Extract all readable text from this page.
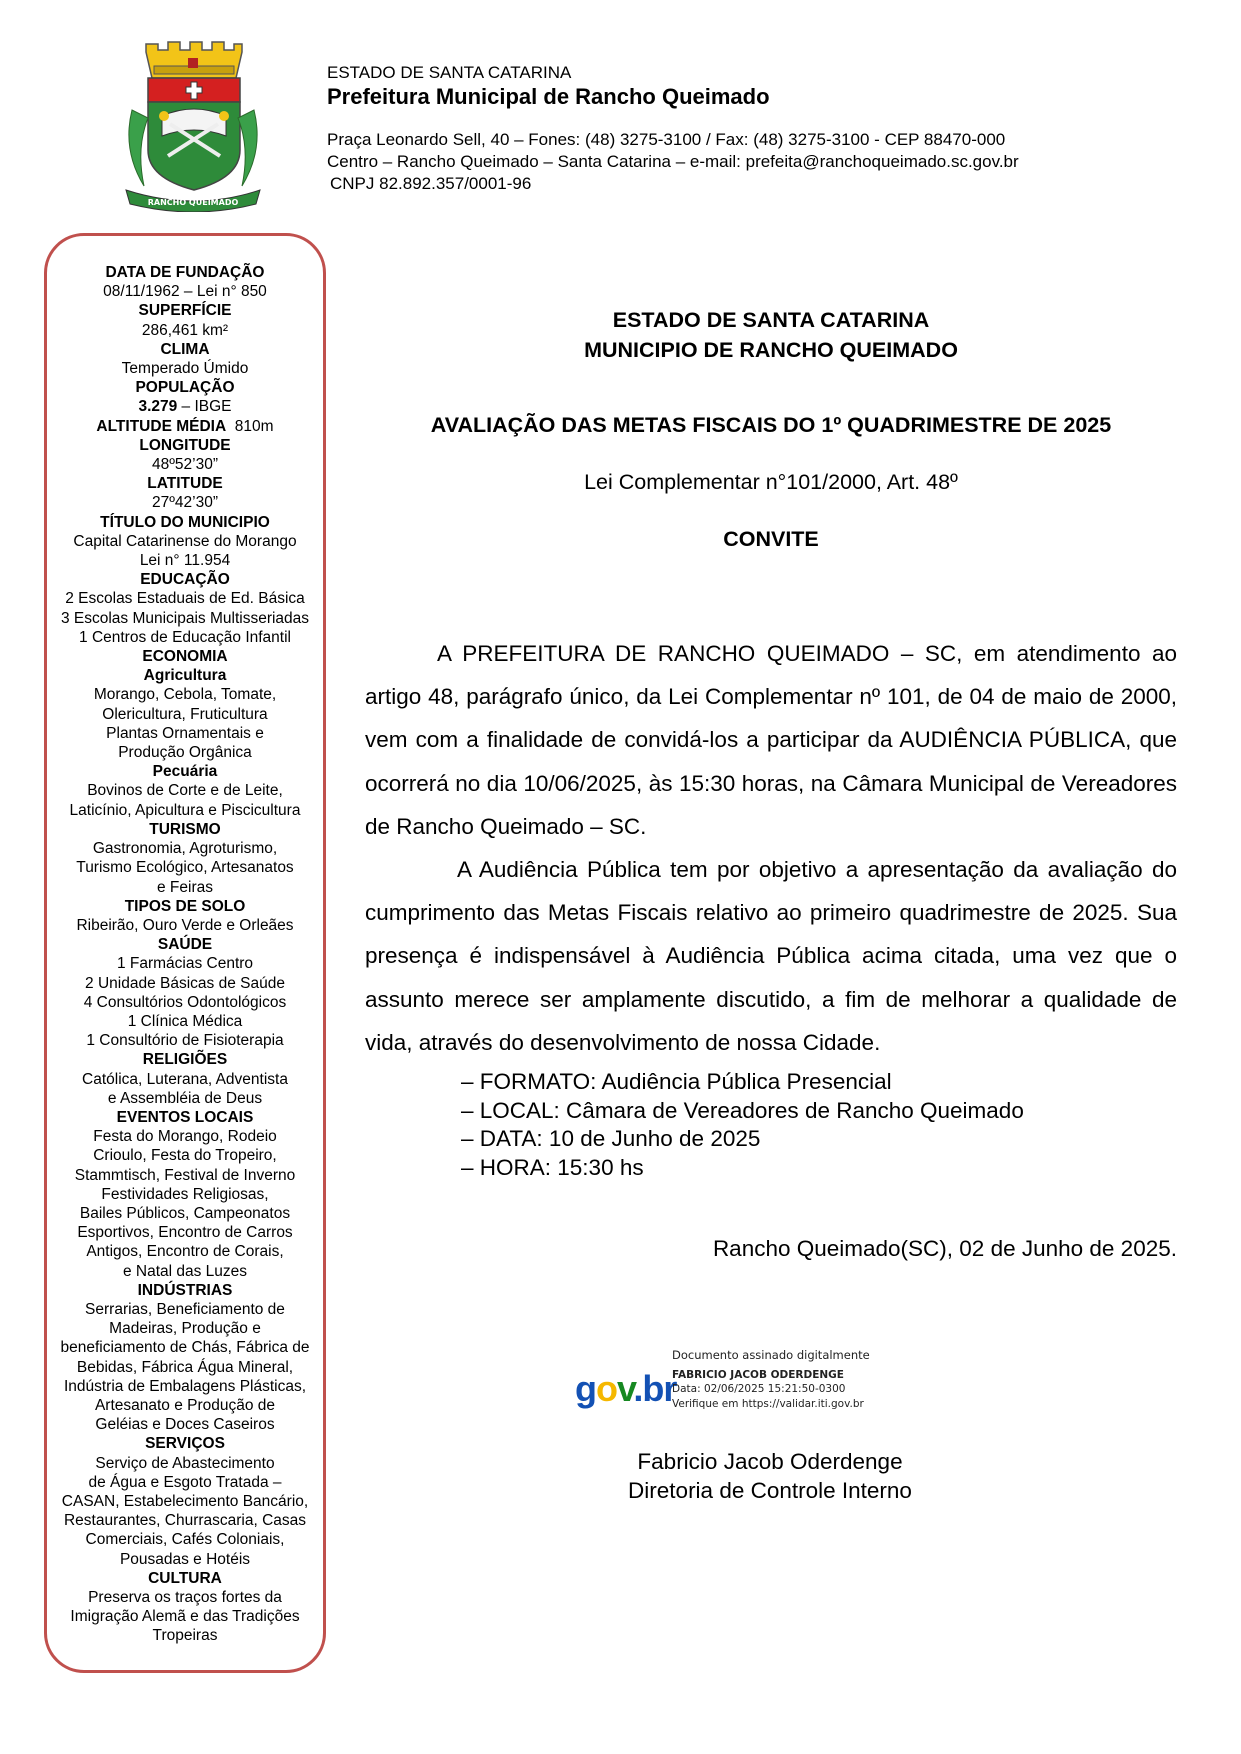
RANCHO QUEIMADO
ESTADO DE SANTA CATARINA
Prefeitura Municipal de Rancho Queimado
Praça Leonardo Sell, 40 – Fones: (48) 3275-3100 / Fax: (48) 3275-3100 - CEP 88470-000
Centro – Rancho Queimado – Santa Catarina – e-mail: prefeita@ranchoqueimado.sc.gov.br
CNPJ 82.892.357/0001-96
DATA DE FUNDAÇÃO
08/11/1962 – Lei n° 850
SUPERFÍCIE
286,461 km²
CLIMA
Temperado Úmido
POPULAÇÃO
3.279 – IBGE
ALTITUDE MÉDIA 810m
LONGITUDE
48º52’30”
LATITUDE
27º42’30”
TÍTULO DO MUNICIPIO
Capital Catarinense do Morango
Lei n° 11.954
EDUCAÇÃO
2 Escolas Estaduais de Ed. Básica
3 Escolas Municipais Multisseriadas
1 Centros de Educação Infantil
ECONOMIA
Agricultura
Morango, Cebola, Tomate,
Olericultura, Fruticultura
Plantas Ornamentais e
Produção Orgânica
Pecuária
Bovinos de Corte e de Leite,
Laticínio, Apicultura e Piscicultura
TURISMO
Gastronomia, Agroturismo,
Turismo Ecológico, Artesanatos
e Feiras
TIPOS DE SOLO
Ribeirão, Ouro Verde e Orleães
SAÚDE
1 Farmácias Centro
2 Unidade Básicas de Saúde
4 Consultórios Odontológicos
1 Clínica Médica
1 Consultório de Fisioterapia
RELIGIÕES
Católica, Luterana, Adventista
e Assembléia de Deus
EVENTOS LOCAIS
Festa do Morango, Rodeio
Crioulo, Festa do Tropeiro,
Stammtisch, Festival de Inverno
Festividades Religiosas,
Bailes Públicos, Campeonatos
Esportivos, Encontro de Carros
Antigos, Encontro de Corais,
e Natal das Luzes
INDÚSTRIAS
Serrarias, Beneficiamento de
Madeiras, Produção e
beneficiamento de Chás, Fábrica de
Bebidas, Fábrica Água Mineral,
Indústria de Embalagens Plásticas,
Artesanato e Produção de
Geléias e Doces Caseiros
SERVIÇOS
Serviço de Abastecimento
de Água e Esgoto Tratada –
CASAN, Estabelecimento Bancário,
Restaurantes, Churrascaria, Casas
Comerciais, Cafés Coloniais,
Pousadas e Hotéis
CULTURA
Preserva os traços fortes da
Imigração Alemã e das Tradições
Tropeiras
ESTADO DE SANTA CATARINA
MUNICIPIO DE RANCHO QUEIMADO
AVALIAÇÃO DAS METAS FISCAIS DO 1º QUADRIMESTRE DE 2025
Lei Complementar n°101/2000, Art. 48º
CONVITE

A PREFEITURA DE RANCHO QUEIMADO – SC, em atendimento ao artigo 48, parágrafo único, da Lei Complementar nº 101, de 04 de maio de 2000, vem com a finalidade de convidá-los a participar da AUDIÊNCIA PÚBLICA, que ocorrerá no dia 10/06/2025, às 15:30 horas, na Câmara Municipal de Vereadores de Rancho Queimado – SC.

A Audiência Pública tem por objetivo a apresentação da avaliação do cumprimento das Metas Fiscais relativo ao primeiro quadrimestre de 2025. Sua presença é indispensável à Audiência Pública acima citada, uma vez que o assunto merece ser amplamente discutido, a fim de melhorar a qualidade de vida, através do desenvolvimento de nossa Cidade.

– FORMATO: Audiência Pública Presencial
– LOCAL: Câmara de Vereadores de Rancho Queimado
– DATA: 10 de Junho de 2025
– HORA: 15:30 hs
Rancho Queimado(SC), 02 de Junho de 2025.
gov.br
Documento assinado digitalmente
FABRICIO JACOB ODERDENGE
Data: 02/06/2025 15:21:50-0300
Verifique em https://validar.iti.gov.br
Fabricio Jacob Oderdenge
Diretoria de Controle Interno
